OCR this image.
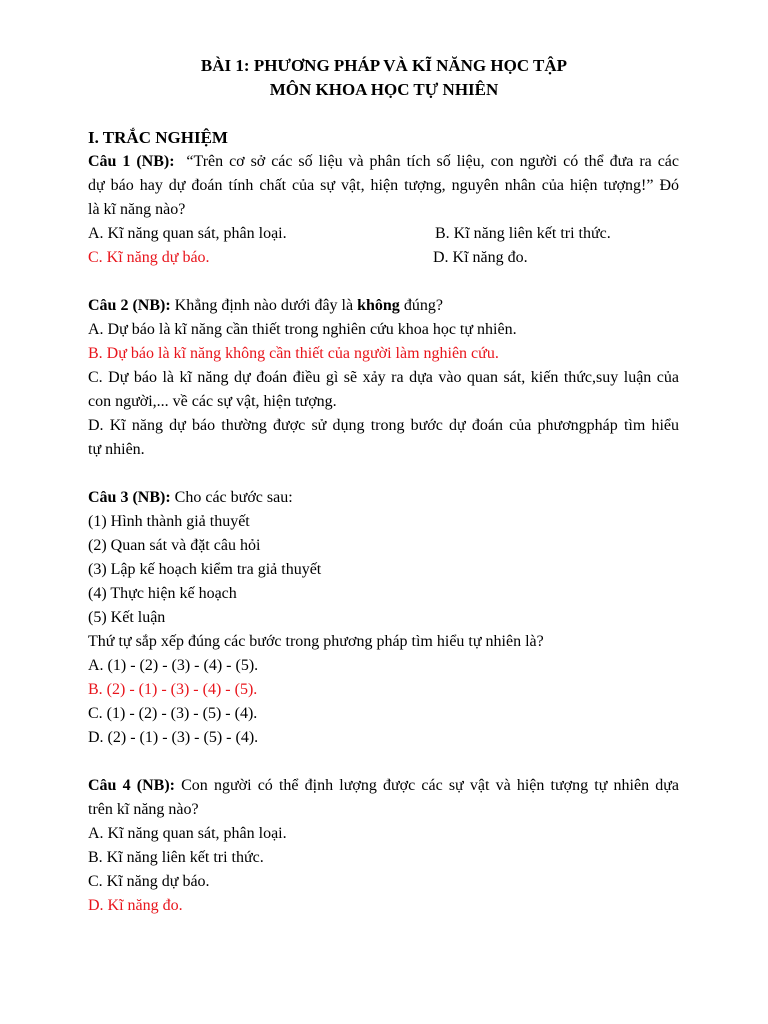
BÀI 1: PHƯƠNG PHÁP VÀ KĨ NĂNG HỌC TẬP
MÔN KHOA HỌC TỰ NHIÊN
I. TRẮC NGHIỆM
Câu 1 (NB): “Trên cơ sở các số liệu và phân tích số liệu, con người có thể đưa ra các
dự báo hay dự đoán tính chất của sự vật, hiện tượng, nguyên nhân của hiện tượng!” Đó
là kĩ năng nào?
A. Kĩ năng quan sát, phân loại.	B. Kĩ năng liên kết tri thức.
C. Kĩ năng dự báo.	D. Kĩ năng đo.
Câu 2 (NB): Khẳng định nào dưới đây là không đúng?
A. Dự báo là kĩ năng cần thiết trong nghiên cứu khoa học tự nhiên.
B. Dự báo là kĩ năng không cần thiết của người làm nghiên cứu.
C. Dự báo là kĩ năng dự đoán điều gì sẽ xảy ra dựa vào quan sát, kiến thức,suy luận của
con người,... về các sự vật, hiện tượng.
D. Kĩ năng dự báo thường được sử dụng trong bước dự đoán của phươngpháp tìm hiểu
tự nhiên.
Câu 3 (NB): Cho các bước sau:
(1) Hình thành giả thuyết
(2) Quan sát và đặt câu hỏi
(3) Lập kế hoạch kiểm tra giả thuyết
(4) Thực hiện kế hoạch
(5) Kết luận
Thứ tự sắp xếp đúng các bước trong phương pháp tìm hiểu tự nhiên là?
A. (1) - (2) - (3) - (4) - (5).
B. (2) - (1) - (3) - (4) - (5).
C. (1) - (2) - (3) - (5) - (4).
D. (2) - (1) - (3) - (5) - (4).
Câu 4 (NB): Con người có thể định lượng được các sự vật và hiện tượng tự nhiên dựa
trên kĩ năng nào?
A. Kĩ năng quan sát, phân loại.
B. Kĩ năng liên kết tri thức.
C. Kĩ năng dự báo.
D. Kĩ năng đo.
